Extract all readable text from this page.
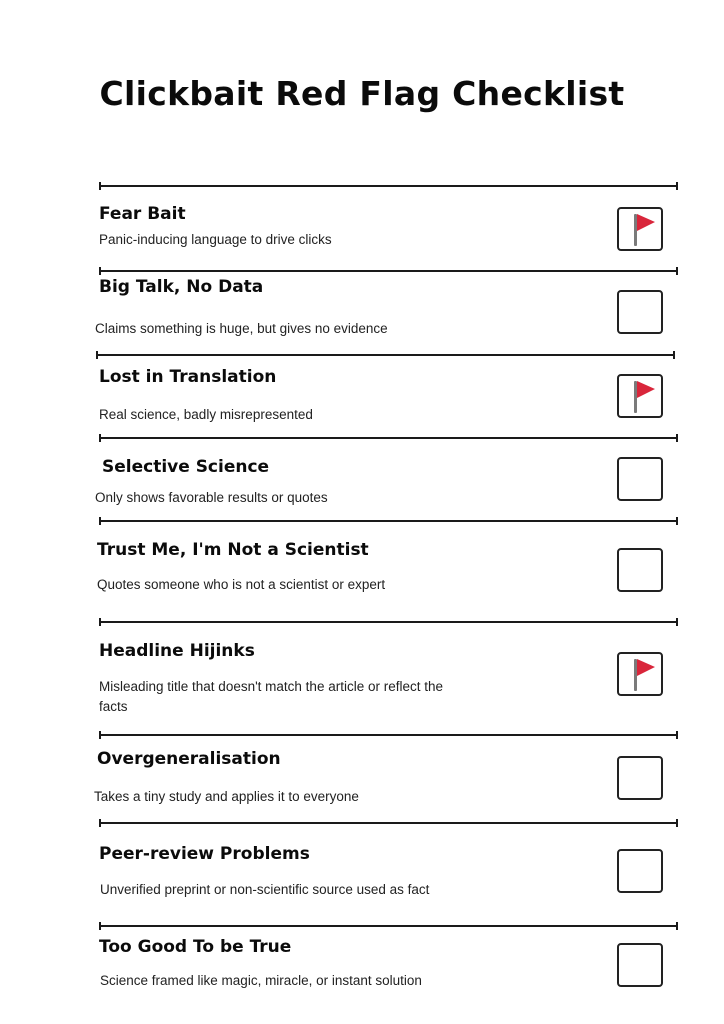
Clickbait Red Flag Checklist
Fear Bait

Panic-inducing language to drive clicks

Big Talk, No Data

Claims something is huge, but gives no evidence

Lost in Translation

Real science, badly misrepresented

Selective Science

Only shows favorable results or quotes

Trust Me, I'm Not a Scientist

Quotes someone who is not a scientist or expert

Headline Hijinks

Misleading title that doesn't match the article or reflect the facts

Overgeneralisation

Takes a tiny study and applies it to everyone

Peer-review Problems

Unverified preprint or non-scientific source used as fact

Too Good To be True

Science framed like magic, miracle, or instant solution
